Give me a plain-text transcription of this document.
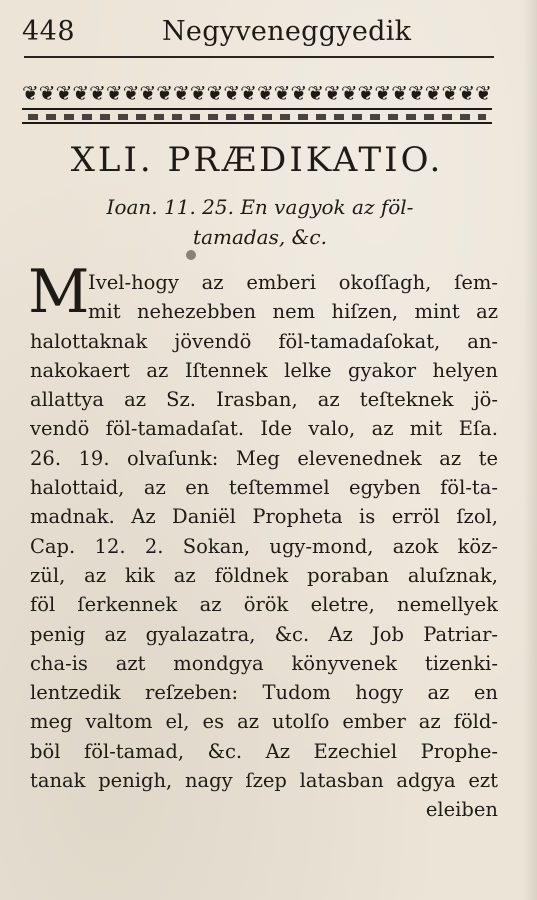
448	Negyveneggyedik
❦ ❦ ❦ ❦ ❦ ❦ ❦ ❦ ❦ ❦ ❦ ❦ ❦ ❦ ❦ ❦ ❦ ❦ ❦ ❦ ❦ ❦ ❦ ❦ ❦ ❦ ❦ ❦
XLI. PRÆDIKATIO.
Ioan. 11. 25. En vagyok az föl-
tamadas, &c.
M
Ivel-hogy az emberi okoſſagh, ſem-
mit nehezebben nem hiſzen, mint az
halottaknak jövendö föl-tamadaſokat, an-
nakokaert az Iſtennek lelke gyakor helyen
allattya az Sz. Irasban, az teſteknek jö-
vendö föl-tamadaſat. Ide valo, az mit Eſa.
26. 19. olvaſunk: Meg elevenednek az te
halottaid, az en teſtemmel egyben föl-ta-
madnak. Az Daniël Propheta is erröl ſzol,
Cap. 12. 2. Sokan, ugy-mond, azok köz-
zül, az kik az földnek poraban aluſznak,
föl ſerkennek az örök eletre, nemellyek
penig az gyalazatra, &c. Az Job Patriar-
cha-is azt mondgya könyvenek tizenki-
lentzedik reſzeben: Tudom hogy az en
meg valtom el, es az utolſo ember az föld-
böl föl-tamad, &c. Az Ezechiel Prophe-
tanak penigh, nagy ſzep latasban adgya ezt
eleiben
